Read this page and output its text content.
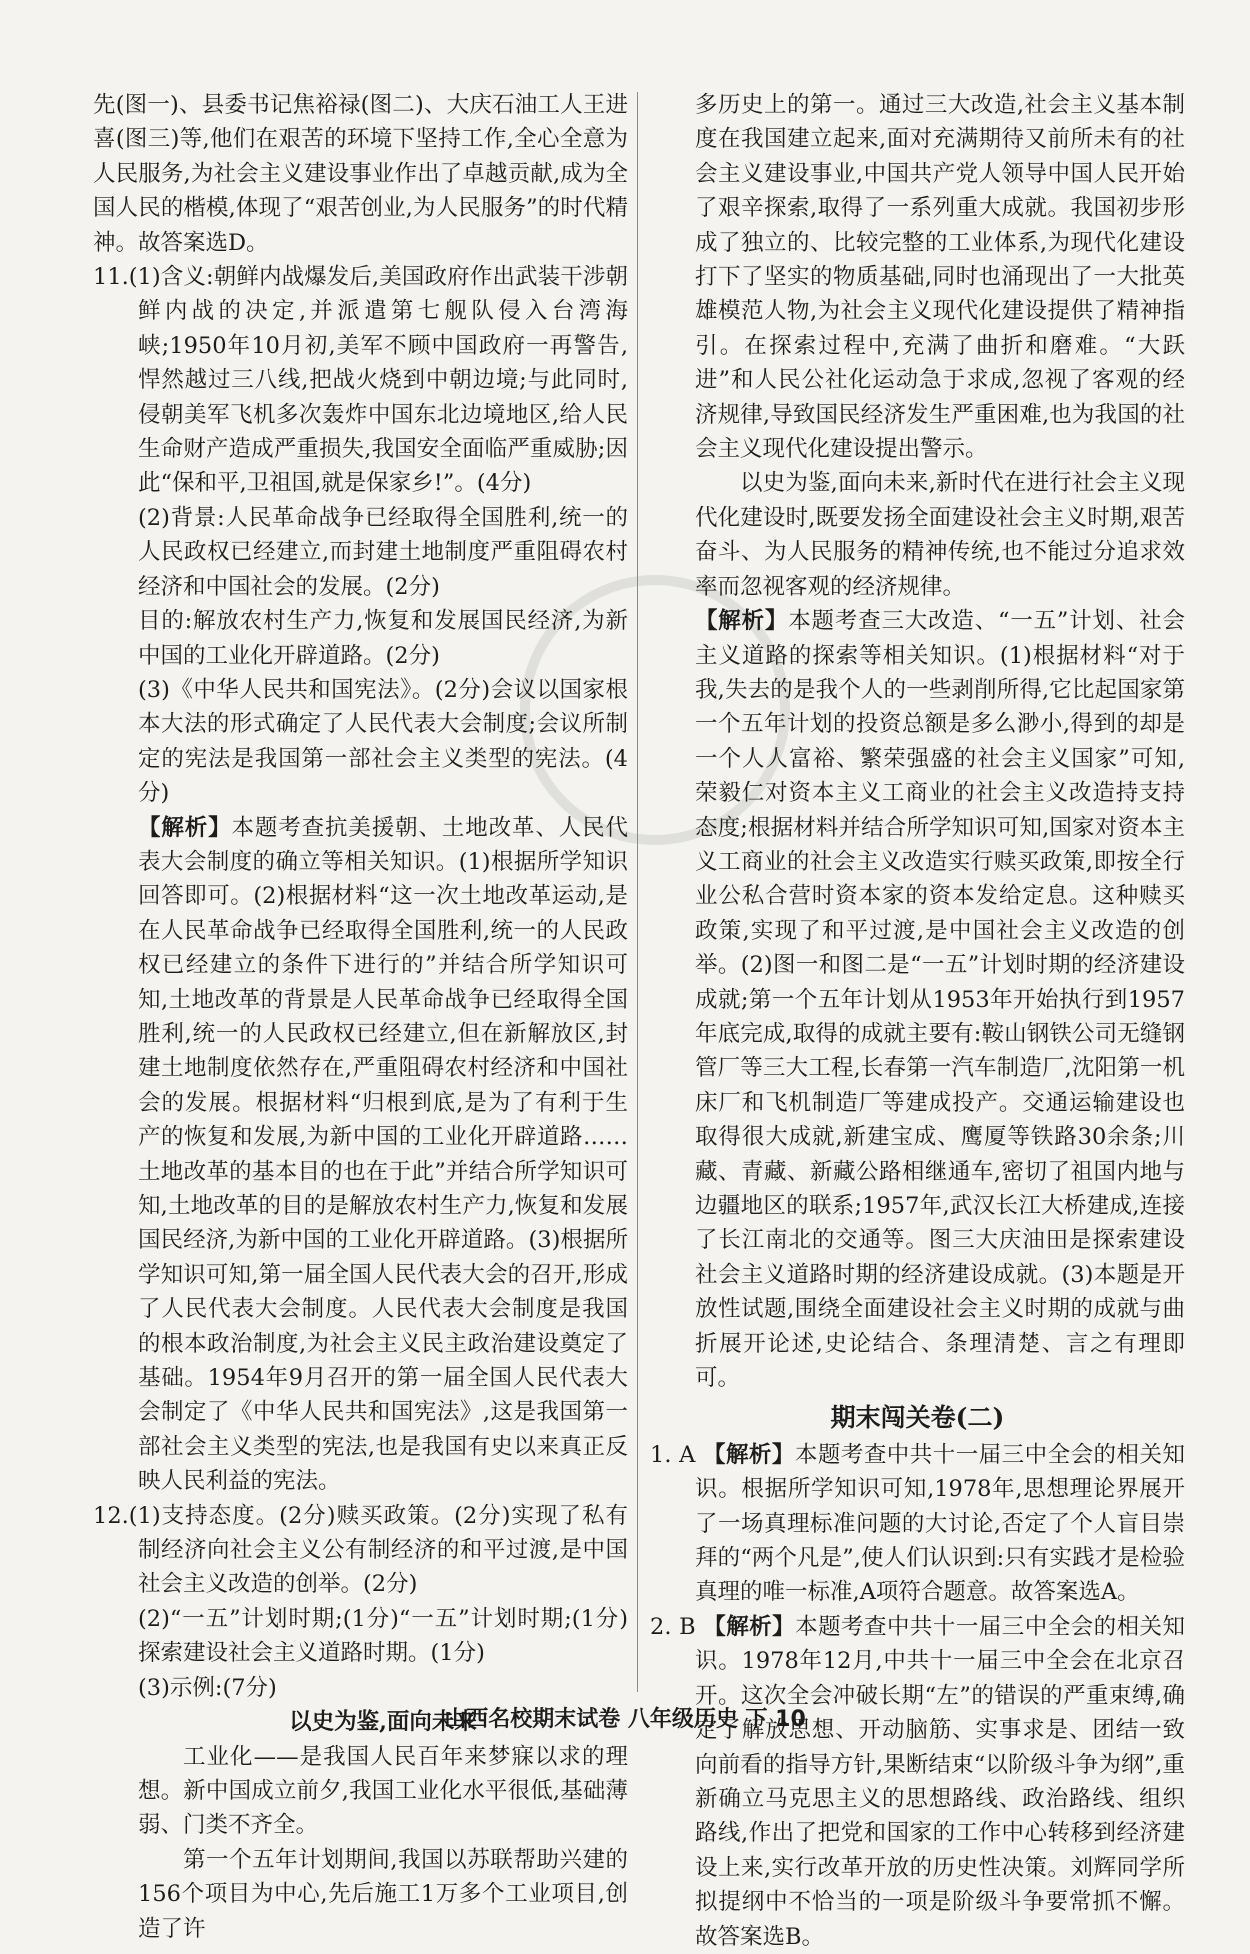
先(图一)、县委书记焦裕禄(图二)、大庆石油工人王进喜(图三)等,他们在艰苦的环境下坚持工作,全心全意为人民服务,为社会主义建设事业作出了卓越贡献,成为全国人民的楷模,体现了“艰苦创业,为人民服务”的时代精神。故答案选D。

11.(1)含义:朝鲜内战爆发后,美国政府作出武装干涉朝鲜内战的决定,并派遣第七舰队侵入台湾海峡;1950年10月初,美军不顾中国政府一再警告,悍然越过三八线,把战火烧到中朝边境;与此同时,侵朝美军飞机多次轰炸中国东北边境地区,给人民生命财产造成严重损失,我国安全面临严重威胁;因此“保和平,卫祖国,就是保家乡!”。(4分)

(2)背景:人民革命战争已经取得全国胜利,统一的人民政权已经建立,而封建土地制度严重阻碍农村经济和中国社会的发展。(2分)

目的:解放农村生产力,恢复和发展国民经济,为新中国的工业化开辟道路。(2分)

(3)《中华人民共和国宪法》。(2分)会议以国家根本大法的形式确定了人民代表大会制度;会议所制定的宪法是我国第一部社会主义类型的宪法。(4分)

【解析】本题考查抗美援朝、土地改革、人民代表大会制度的确立等相关知识。(1)根据所学知识回答即可。(2)根据材料“这一次土地改革运动,是在人民革命战争已经取得全国胜利,统一的人民政权已经建立的条件下进行的”并结合所学知识可知,土地改革的背景是人民革命战争已经取得全国胜利,统一的人民政权已经建立,但在新解放区,封建土地制度依然存在,严重阻碍农村经济和中国社会的发展。根据材料“归根到底,是为了有利于生产的恢复和发展,为新中国的工业化开辟道路……土地改革的基本目的也在于此”并结合所学知识可知,土地改革的目的是解放农村生产力,恢复和发展国民经济,为新中国的工业化开辟道路。(3)根据所学知识可知,第一届全国人民代表大会的召开,形成了人民代表大会制度。人民代表大会制度是我国的根本政治制度,为社会主义民主政治建设奠定了基础。1954年9月召开的第一届全国人民代表大会制定了《中华人民共和国宪法》,这是我国第一部社会主义类型的宪法,也是我国有史以来真正反映人民利益的宪法。

12.(1)支持态度。(2分)赎买政策。(2分)实现了私有制经济向社会主义公有制经济的和平过渡,是中国社会主义改造的创举。(2分)

(2)“一五”计划时期;(1分)“一五”计划时期;(1分)探索建设社会主义道路时期。(1分)

(3)示例:(7分)

以史为鉴,面向未来

工业化——是我国人民百年来梦寐以求的理想。新中国成立前夕,我国工业化水平很低,基础薄弱、门类不齐全。

第一个五年计划期间,我国以苏联帮助兴建的156个项目为中心,先后施工1万多个工业项目,创造了许

多历史上的第一。通过三大改造,社会主义基本制度在我国建立起来,面对充满期待又前所未有的社会主义建设事业,中国共产党人领导中国人民开始了艰辛探索,取得了一系列重大成就。我国初步形成了独立的、比较完整的工业体系,为现代化建设打下了坚实的物质基础,同时也涌现出了一大批英雄模范人物,为社会主义现代化建设提供了精神指引。在探索过程中,充满了曲折和磨难。“大跃进”和人民公社化运动急于求成,忽视了客观的经济规律,导致国民经济发生严重困难,也为我国的社会主义现代化建设提出警示。

以史为鉴,面向未来,新时代在进行社会主义现代化建设时,既要发扬全面建设社会主义时期,艰苦奋斗、为人民服务的精神传统,也不能过分追求效率而忽视客观的经济规律。

【解析】本题考查三大改造、“一五”计划、社会主义道路的探索等相关知识。(1)根据材料“对于我,失去的是我个人的一些剥削所得,它比起国家第一个五年计划的投资总额是多么渺小,得到的却是一个人人富裕、繁荣强盛的社会主义国家”可知,荣毅仁对资本主义工商业的社会主义改造持支持态度;根据材料并结合所学知识可知,国家对资本主义工商业的社会主义改造实行赎买政策,即按全行业公私合营时资本家的资本发给定息。这种赎买政策,实现了和平过渡,是中国社会主义改造的创举。(2)图一和图二是“一五”计划时期的经济建设成就;第一个五年计划从1953年开始执行到1957年底完成,取得的成就主要有:鞍山钢铁公司无缝钢管厂等三大工程,长春第一汽车制造厂,沈阳第一机床厂和飞机制造厂等建成投产。交通运输建设也取得很大成就,新建宝成、鹰厦等铁路30余条;川藏、青藏、新藏公路相继通车,密切了祖国内地与边疆地区的联系;1957年,武汉长江大桥建成,连接了长江南北的交通等。图三大庆油田是探索建设社会主义道路时期的经济建设成就。(3)本题是开放性试题,围绕全面建设社会主义时期的成就与曲折展开论述,史论结合、条理清楚、言之有理即可。

期末闯关卷(二)

1. A 【解析】本题考查中共十一届三中全会的相关知识。根据所学知识可知,1978年,思想理论界展开了一场真理标准问题的大讨论,否定了个人盲目崇拜的“两个凡是”,使人们认识到:只有实践才是检验真理的唯一标准,A项符合题意。故答案选A。

2. B 【解析】本题考查中共十一届三中全会的相关知识。1978年12月,中共十一届三中全会在北京召开。这次全会冲破长期“左”的错误的严重束缚,确定了解放思想、开动脑筋、实事求是、团结一致向前看的指导方针,果断结束“以阶级斗争为纲”,重新确立马克思主义的思想路线、政治路线、组织路线,作出了把党和国家的工作中心转移到经济建设上来,实行改革开放的历史性决策。刘辉同学所拟提纲中不恰当的一项是阶级斗争要常抓不懈。故答案选B。

山西名校期末试卷 八年级历史 下 10
